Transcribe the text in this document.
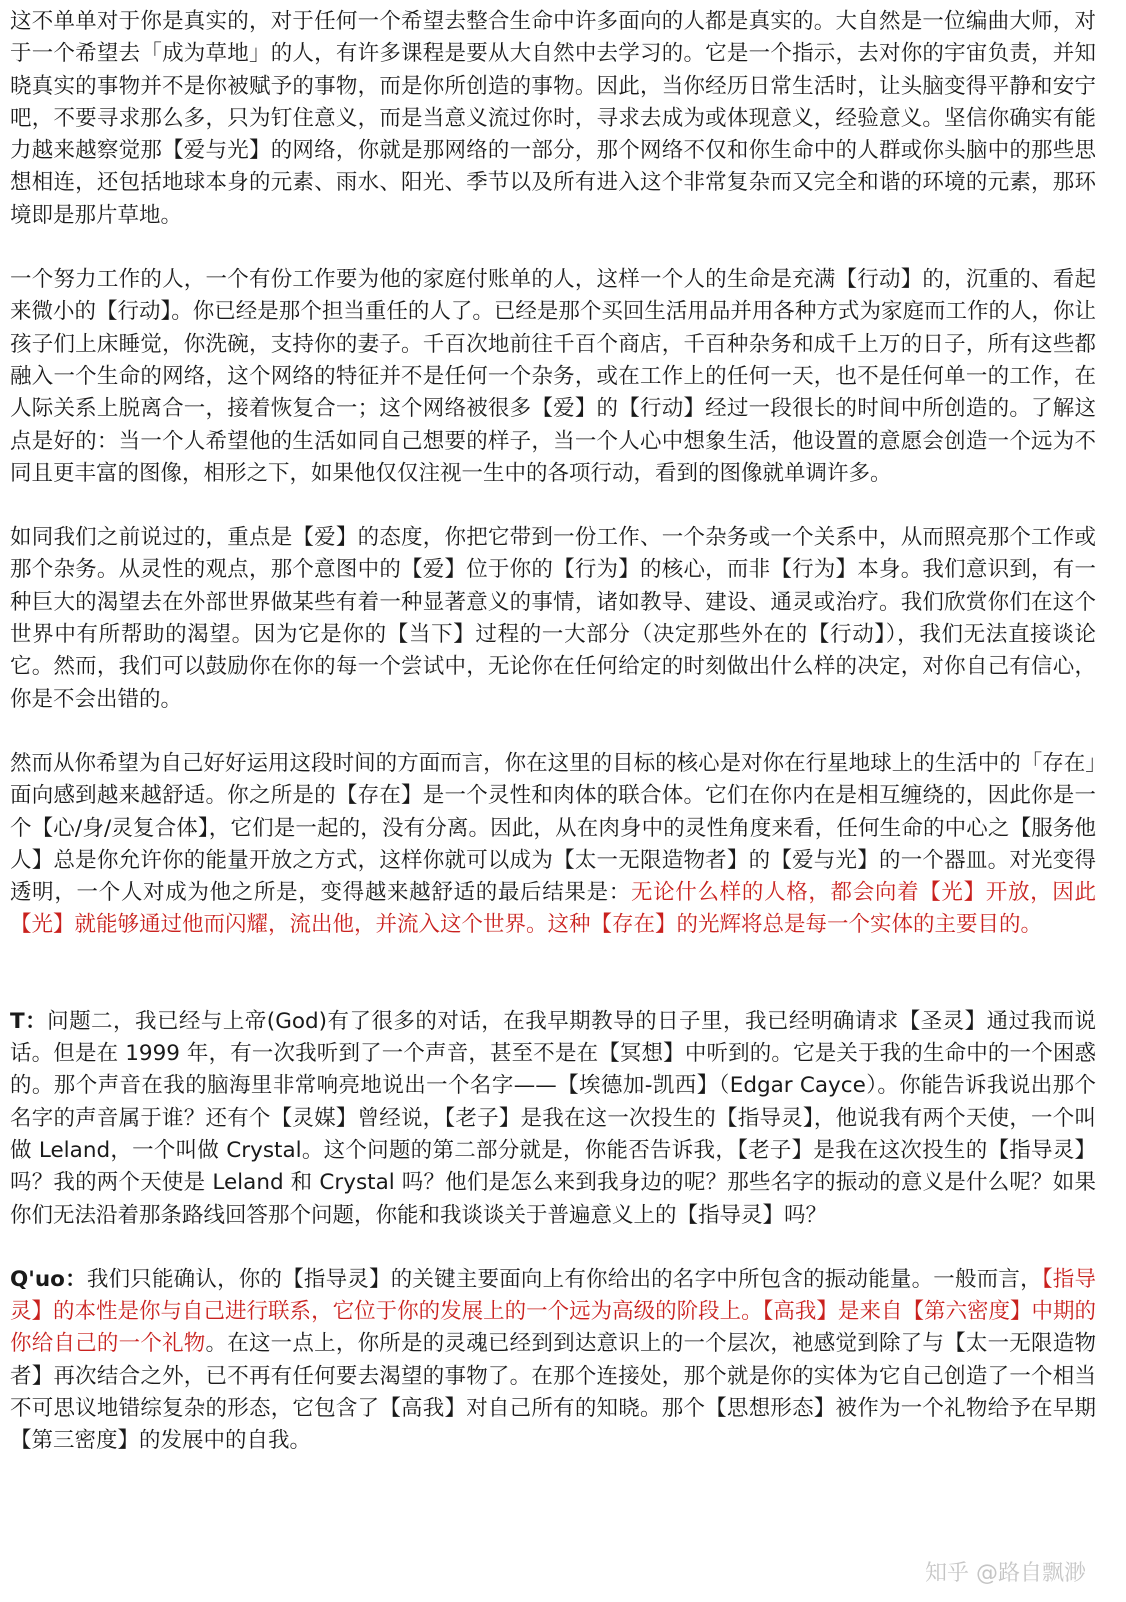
这不单单对于你是真实的，对于任何一个希望去整合生命中许多面向的人都是真实的。大自然是一位编曲大师，对于一个希望去「成为草地」的人，有许多课程是要从大自然中去学习的。它是一个指示，去对你的宇宙负责，并知晓真实的事物并不是你被赋予的事物，而是你所创造的事物。因此，当你经历日常生活时，让头脑变得平静和安宁吧，不要寻求那么多，只为钉住意义，而是当意义流过你时，寻求去成为或体现意义，经验意义。坚信你确实有能力越来越察觉那【爱与光】的网络，你就是那网络的一部分，那个网络不仅和你生命中的人群或你头脑中的那些思想相连，还包括地球本身的元素、雨水、阳光、季节以及所有进入这个非常复杂而又完全和谐的环境的元素，那环境即是那片草地。

一个努力工作的人，一个有份工作要为他的家庭付账单的人，这样一个人的生命是充满【行动】的，沉重的、看起来微小的【行动】。你已经是那个担当重任的人了。已经是那个买回生活用品并用各种方式为家庭而工作的人，你让孩子们上床睡觉，你洗碗，支持你的妻子。千百次地前往千百个商店，千百种杂务和成千上万的日子，所有这些都融入一个生命的网络，这个网络的特征并不是任何一个杂务，或在工作上的任何一天，也不是任何单一的工作，在人际关系上脱离合一，接着恢复合一；这个网络被很多【爱】的【行动】经过一段很长的时间中所创造的。了解这点是好的：当一个人希望他的生活如同自己想要的样子，当一个人心中想象生活，他设置的意愿会创造一个远为不同且更丰富的图像，相形之下，如果他仅仅注视一生中的各项行动，看到的图像就单调许多。

如同我们之前说过的，重点是【爱】的态度，你把它带到一份工作、一个杂务或一个关系中，从而照亮那个工作或那个杂务。从灵性的观点，那个意图中的【爱】位于你的【行为】的核心，而非【行为】本身。我们意识到，有一种巨大的渴望去在外部世界做某些有着一种显著意义的事情，诸如教导、建设、通灵或治疗。我们欣赏你们在这个世界中有所帮助的渴望。因为它是你的【当下】过程的一大部分（决定那些外在的【行动】），我们无法直接谈论它。然而，我们可以鼓励你在你的每一个尝试中，无论你在任何给定的时刻做出什么样的决定，对你自己有信心，你是不会出错的。

然而从你希望为自己好好运用这段时间的方面而言，你在这里的目标的核心是对你在行星地球上的生活中的「存在」面向感到越来越舒适。你之所是的【存在】是一个灵性和肉体的联合体。它们在你内在是相互缠绕的，因此你是一个【心/身/灵复合体】，它们是一起的，没有分离。因此，从在肉身中的灵性角度来看，任何生命的中心之【服务他人】总是你允许你的能量开放之方式，这样你就可以成为【太一无限造物者】的【爱与光】的一个器皿。对光变得透明，一个人对成为他之所是，变得越来越舒适的最后结果是：无论什么样的人格，都会向着【光】开放，因此【光】就能够通过他而闪耀，流出他，并流入这个世界。这种【存在】的光辉将总是每一个实体的主要目的。

T：问题二，我已经与上帝(God)有了很多的对话，在我早期教导的日子里，我已经明确请求【圣灵】通过我而说话。但是在 1999 年，有一次我听到了一个声音，甚至不是在【冥想】中听到的。它是关于我的生命中的一个困惑的。那个声音在我的脑海里非常响亮地说出一个名字——【埃德加-凯西】（Edgar Cayce）。你能告诉我说出那个名字的声音属于谁？还有个【灵媒】曾经说，【老子】是我在这一次投生的【指导灵】，他说我有两个天使，一个叫做 Leland，一个叫做 Crystal。这个问题的第二部分就是，你能否告诉我，【老子】是我在这次投生的【指导灵】吗？我的两个天使是 Leland 和 Crystal 吗？他们是怎么来到我身边的呢？那些名字的振动的意义是什么呢？如果你们无法沿着那条路线回答那个问题，你能和我谈谈关于普遍意义上的【指导灵】吗？

Q'uo：我们只能确认，你的【指导灵】的关键主要面向上有你给出的名字中所包含的振动能量。一般而言，【指导灵】的本性是你与自己进行联系，它位于你的发展上的一个远为高级的阶段上。【高我】是来自【第六密度】中期的你给自己的一个礼物。在这一点上，你所是的灵魂已经到到达意识上的一个层次，祂感觉到除了与【太一无限造物者】再次结合之外，已不再有任何要去渴望的事物了。在那个连接处，那个就是你的实体为它自己创造了一个相当不可思议地错综复杂的形态，它包含了【高我】对自己所有的知晓。那个【思想形态】被作为一个礼物给予在早期【第三密度】的发展中的自我。

知乎 @路自飘渺
